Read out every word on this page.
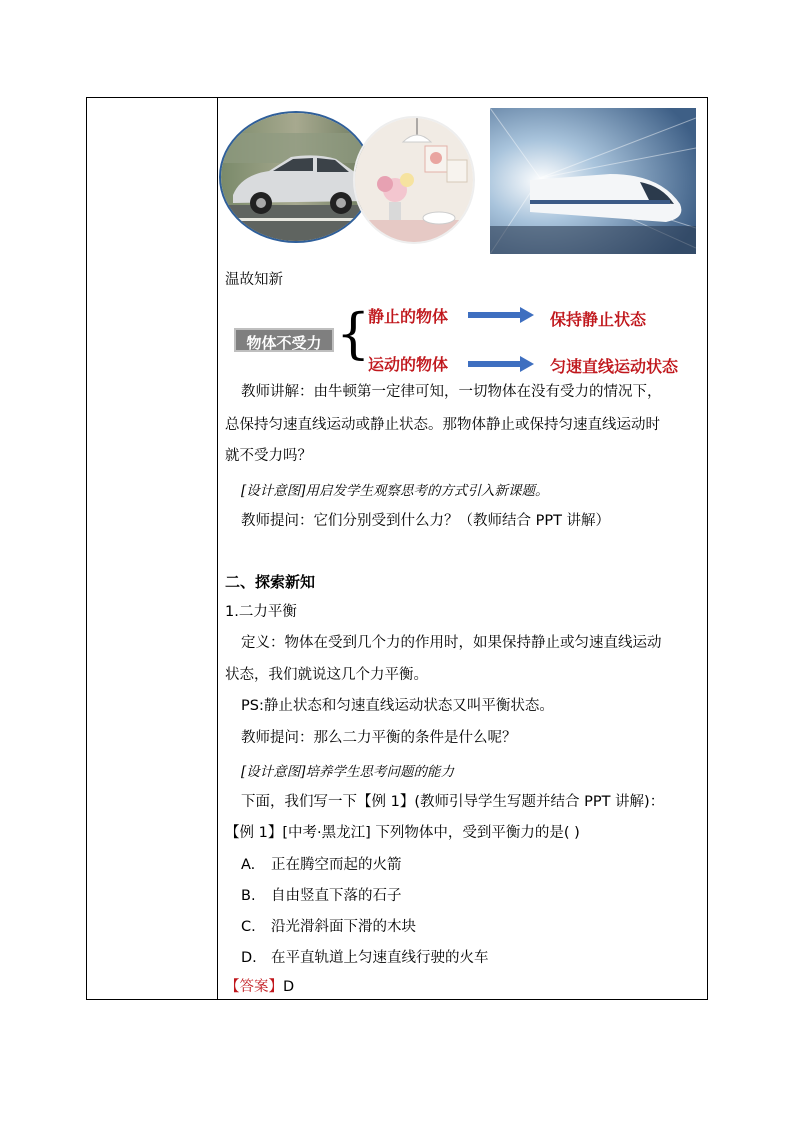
温故知新
物体不受力 {
静止的物体	保持静止状态
运动的物体	匀速直线运动状态
教师讲解：由牛顿第一定律可知，一切物体在没有受力的情况下，
总保持匀速直线运动或静止状态。那物体静止或保持匀速直线运动时
就不受力吗？
[设计意图]用启发学生观察思考的方式引入新课题。
教师提问：它们分别受到什么力？（教师结合 PPT 讲解）
二、探索新知
1.二力平衡
定义：物体在受到几个力的作用时，如果保持静止或匀速直线运动
状态，我们就说这几个力平衡。
PS:静止状态和匀速直线运动状态又叫平衡状态。
教师提问：那么二力平衡的条件是什么呢？
[设计意图]培养学生思考问题的能力
下面，我们写一下【例 1】(教师引导学生写题并结合 PPT 讲解)：
【例 1】[中考·黑龙江] 下列物体中，受到平衡力的是( )
A. 正在腾空而起的火箭
B. 自由竖直下落的石子
C. 沿光滑斜面下滑的木块
D. 在平直轨道上匀速直线行驶的火车
【答案】D
